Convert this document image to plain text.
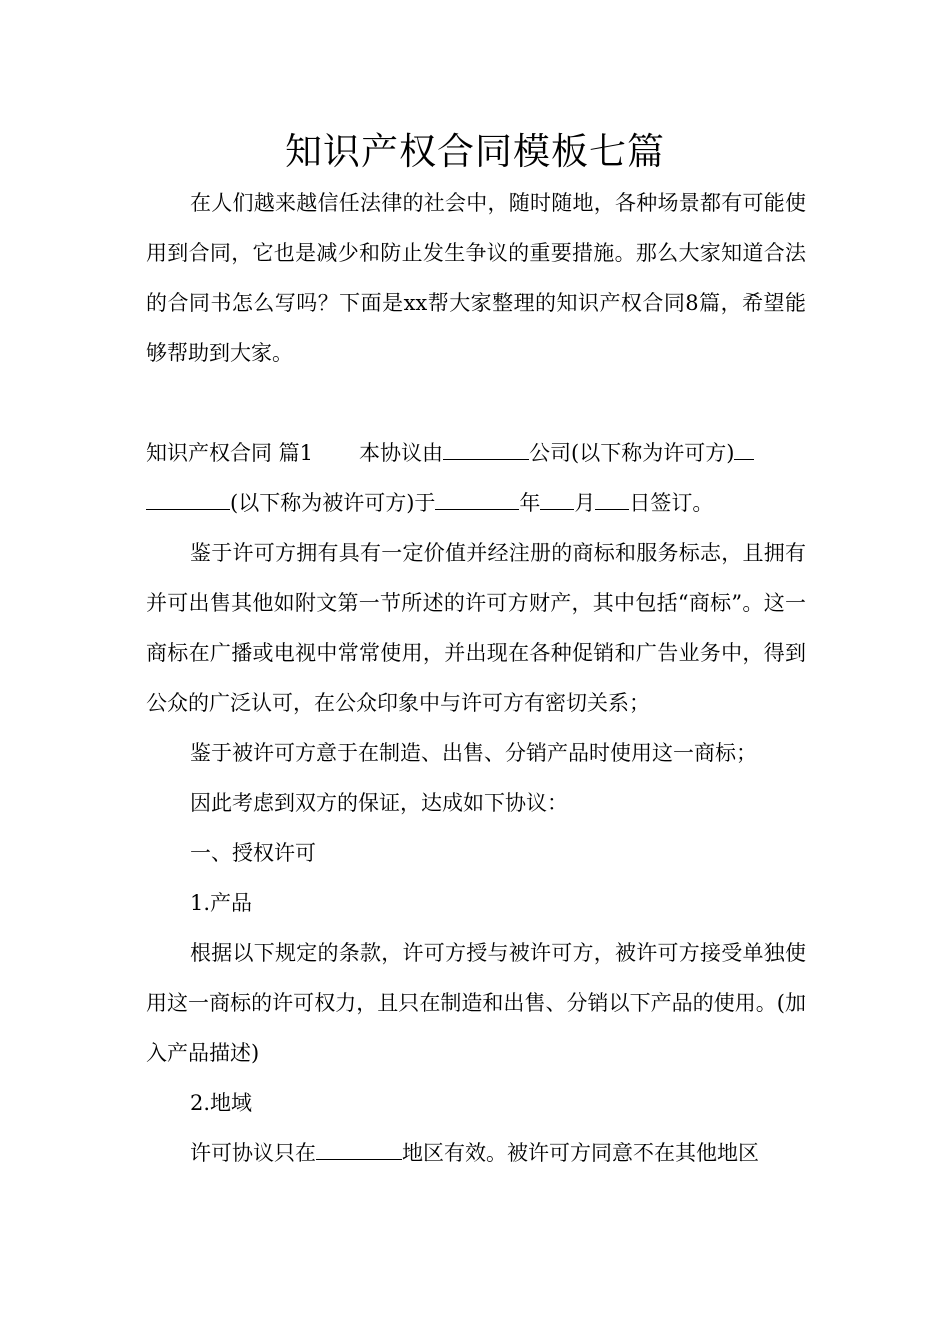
知识产权合同模板七篇

在人们越来越信任法律的社会中，随时随地，各种场景都有可能使用到合同，它也是减少和防止发生争议的重要措施。那么大家知道合法的合同书怎么写吗？下面是xx帮大家整理的知识产权合同8篇，希望能够帮助到大家。

知识产权合同 篇1 本协议由	公司(以下称为许可方)

(以下称为被许可方)于	年 月 日签订。

鉴于许可方拥有具有一定价值并经注册的商标和服务标志，且拥有并可出售其他如附文第一节所述的许可方财产，其中包括“商标”。这一商标在广播或电视中常常使用，并出现在各种促销和广告业务中，得到公众的广泛认可，在公众印象中与许可方有密切关系；

鉴于被许可方意于在制造、出售、分销产品时使用这一商标；

因此考虑到双方的保证，达成如下协议：

一、授权许可

1.产品

根据以下规定的条款，许可方授与被许可方，被许可方接受单独使用这一商标的许可权力，且只在制造和出售、分销以下产品的使用。(加入产品描述)

2.地域

许可协议只在	地区有效。被许可方同意不在其他地区
